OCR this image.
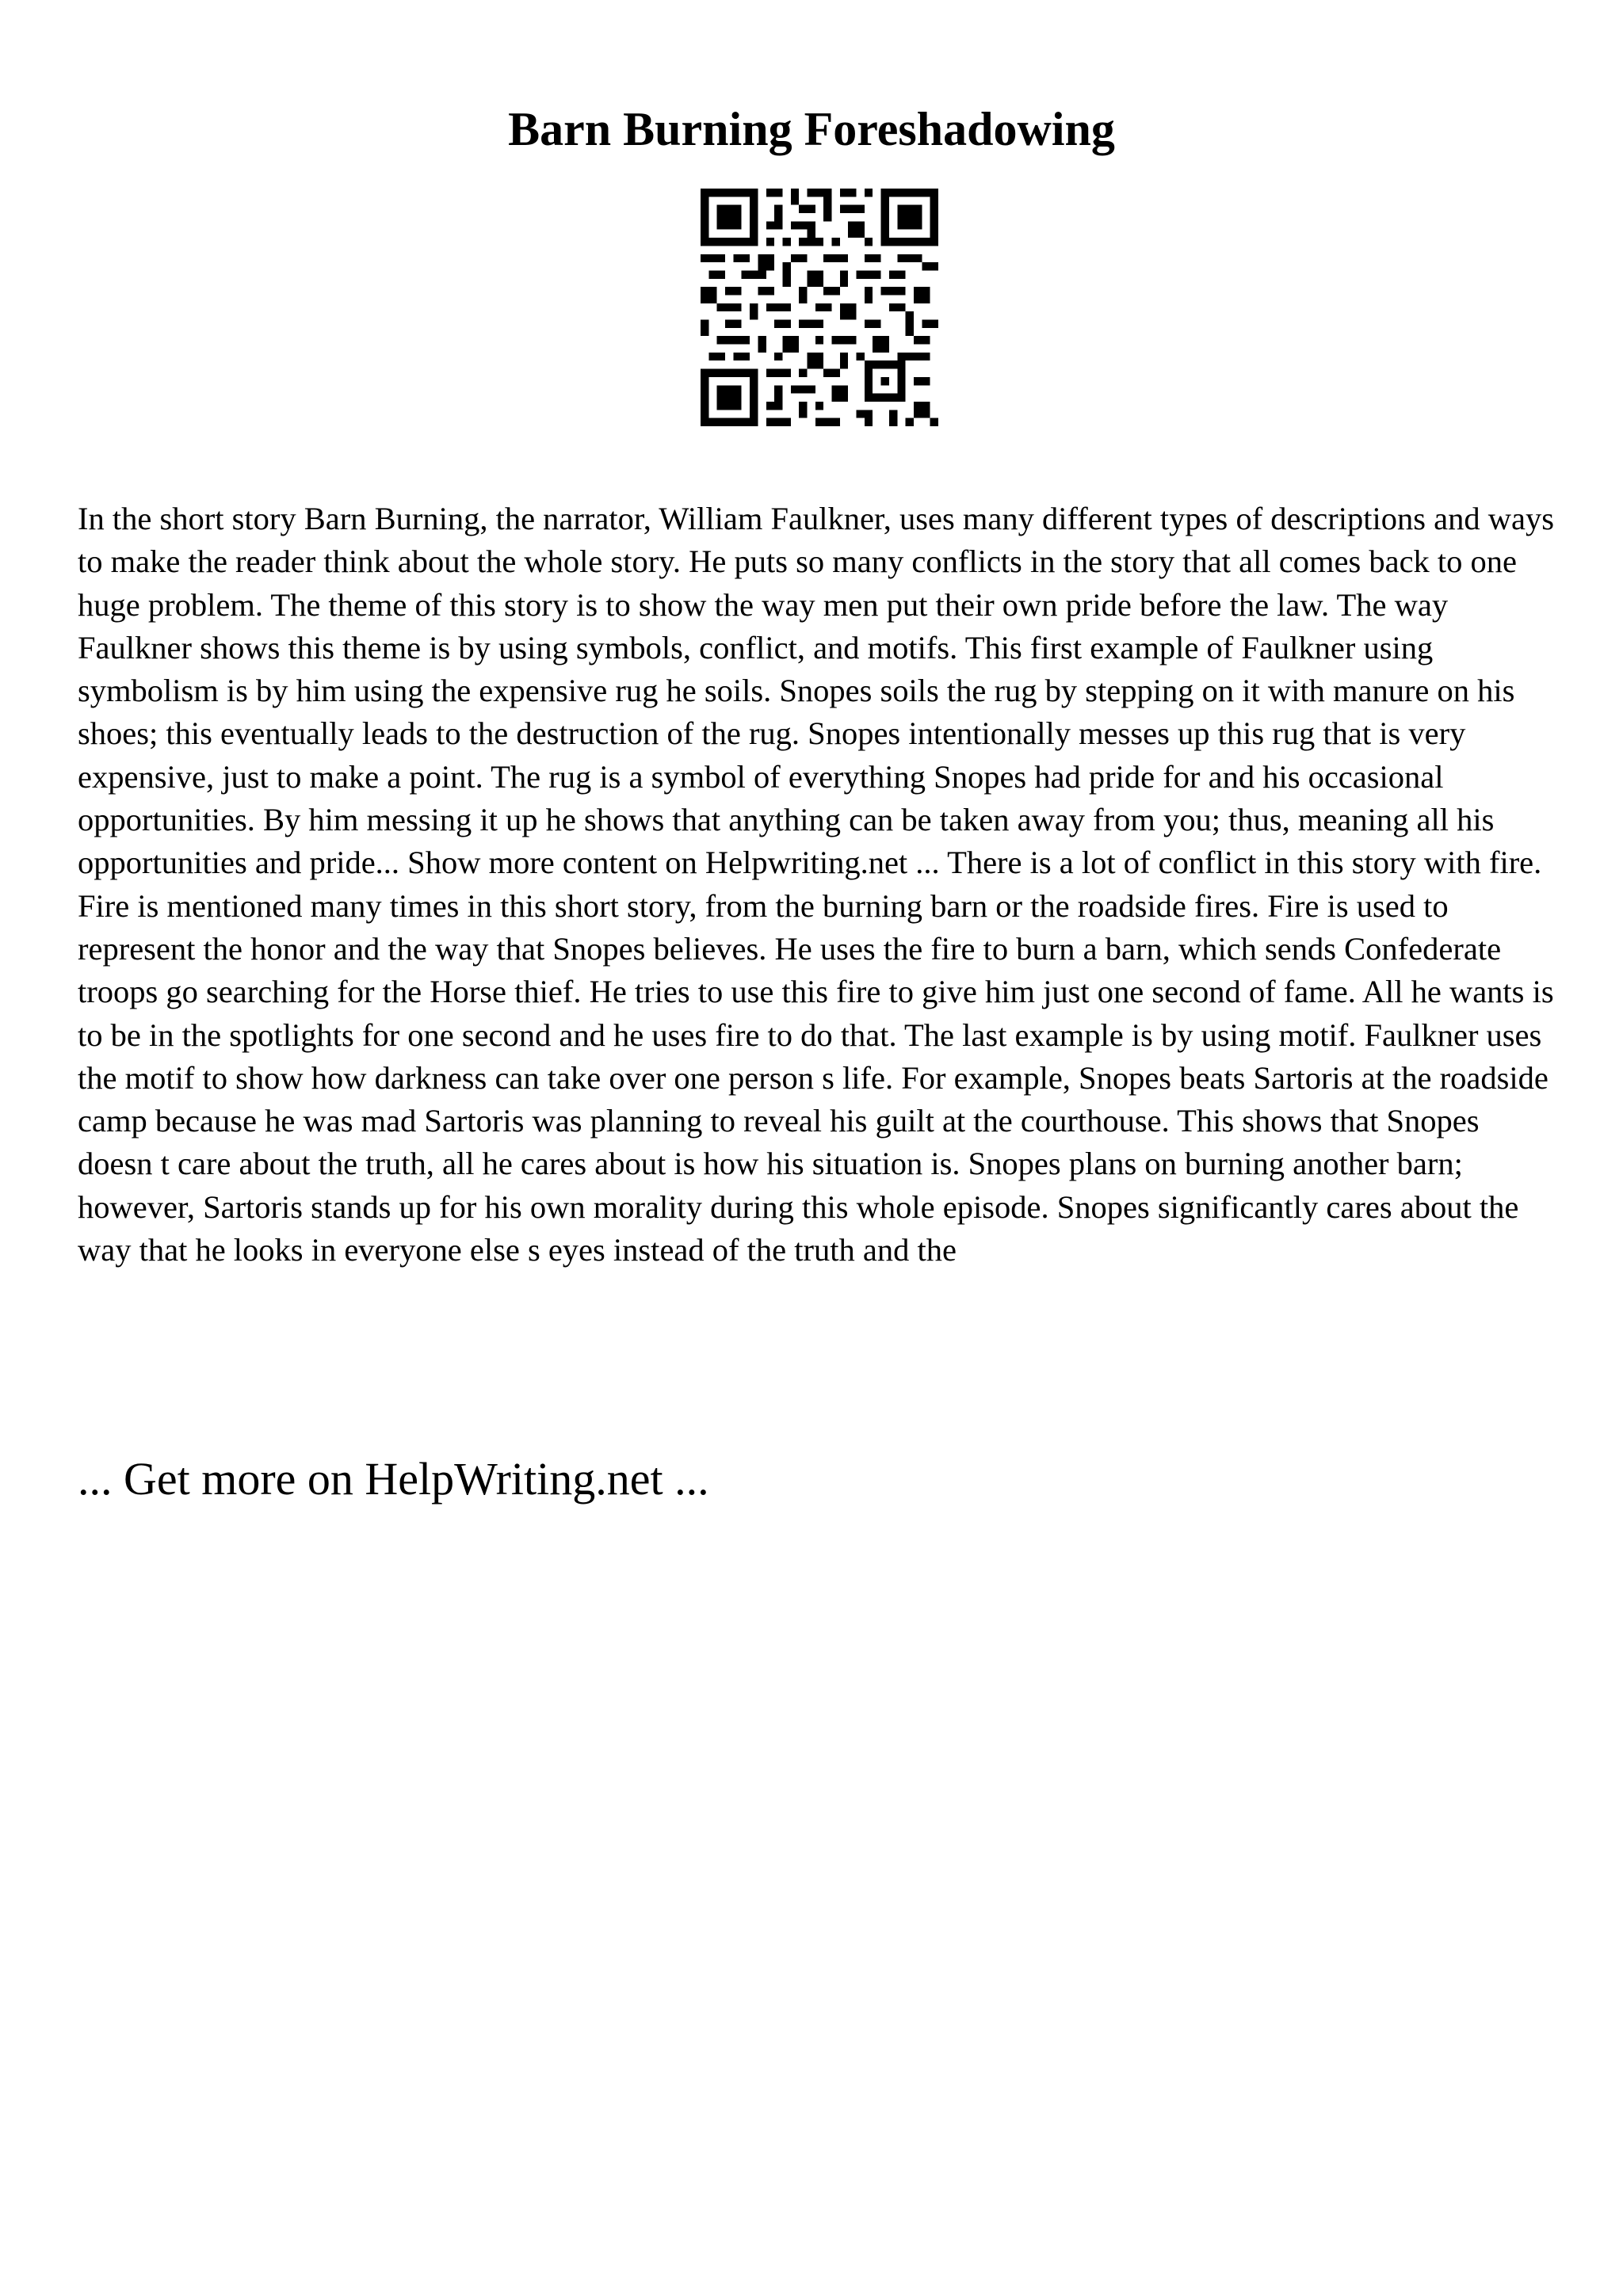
Barn Burning Foreshadowing

In the short story Barn Burning, the narrator, William Faulkner, uses many different types of descriptions and ways to make the reader think about the whole story. He puts so many conflicts in the story that all comes back to one huge problem. The theme of this story is to show the way men put their own pride before the law. The way Faulkner shows this theme is by using symbols, conflict, and motifs. This first example of Faulkner using symbolism is by him using the expensive rug he soils. Snopes soils the rug by stepping on it with manure on his shoes; this eventually leads to the destruction of the rug. Snopes intentionally messes up this rug that is very expensive, just to make a point. The rug is a symbol of everything Snopes had pride for and his occasional opportunities. By him messing it up he shows that anything can be taken away from you; thus, meaning all his opportunities and pride... Show more content on Helpwriting.net ... There is a lot of conflict in this story with fire. Fire is mentioned many times in this short story, from the burning barn or the roadside fires. Fire is used to represent the honor and the way that Snopes believes. He uses the fire to burn a barn, which sends Confederate troops go searching for the Horse thief. He tries to use this fire to give him just one second of fame. All he wants is to be in the spotlights for one second and he uses fire to do that. The last example is by using motif. Faulkner uses the motif to show how darkness can take over one person s life. For example, Snopes beats Sartoris at the roadside camp because he was mad Sartoris was planning to reveal his guilt at the courthouse. This shows that Snopes doesn t care about the truth, all he cares about is how his situation is. Snopes plans on burning another barn; however, Sartoris stands up for his own morality during this whole episode. Snopes significantly cares about the way that he looks in everyone else s eyes instead of the truth and the

... Get more on HelpWriting.net ...
